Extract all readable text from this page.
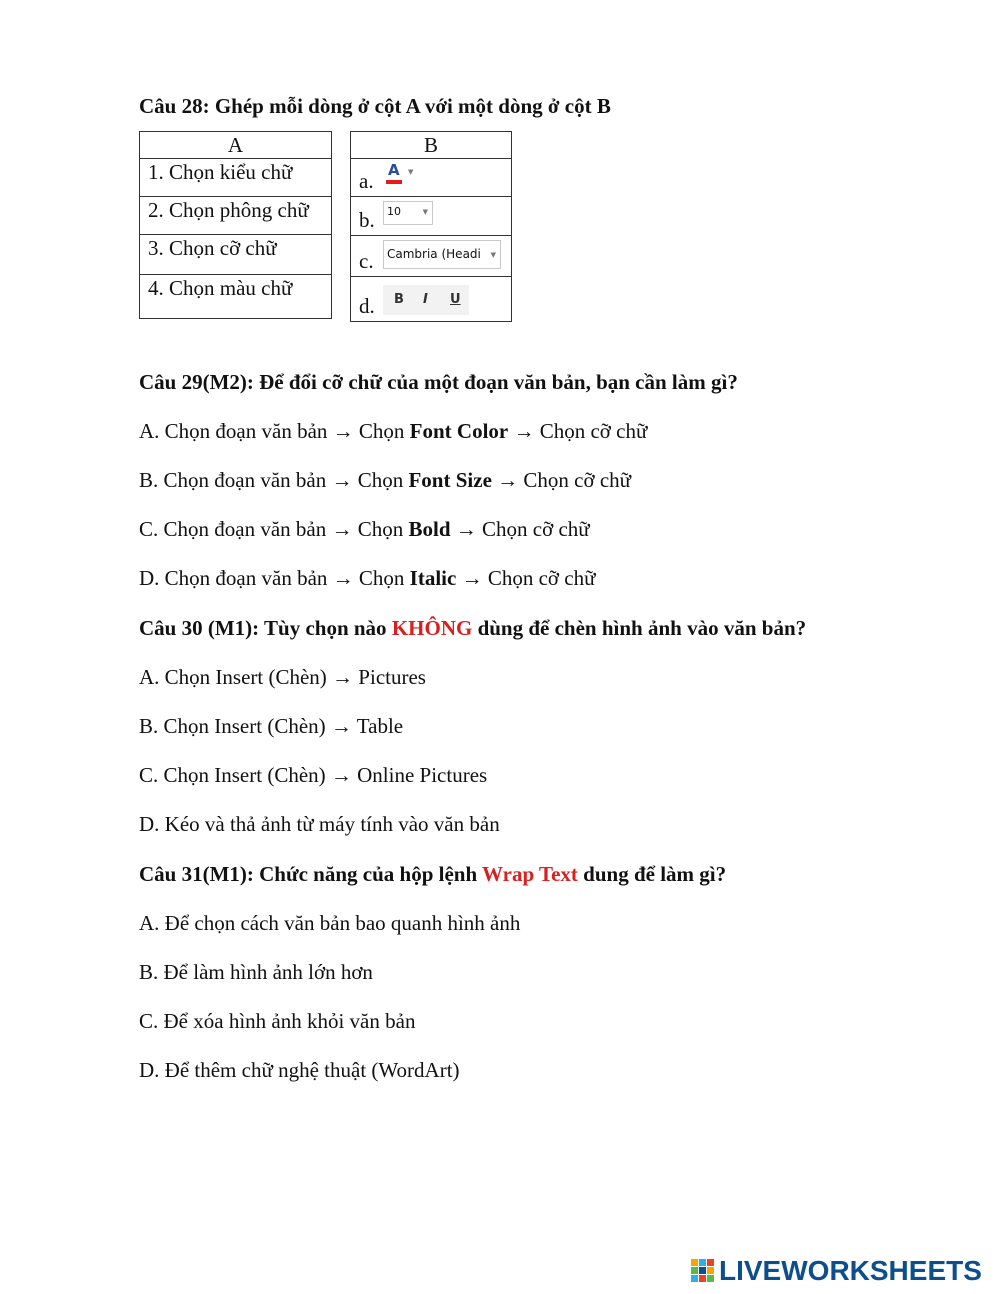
Câu 28: Ghép mỗi dòng ở cột A với một dòng ở cột B
A
1. Chọn kiểu chữ
2. Chọn phông chữ
3. Chọn cỡ chữ
4. Chọn màu chữ
B

a. A ▼

b. 10	▼

c. Cambria (Headi	▼

d. B I U
Câu 29(M2): Để đổi cỡ chữ của một đoạn văn bản, bạn cần làm gì?
A. Chọn đoạn văn bản → Chọn Font Color → Chọn cỡ chữ
B. Chọn đoạn văn bản → Chọn Font Size → Chọn cỡ chữ
C. Chọn đoạn văn bản → Chọn Bold → Chọn cỡ chữ
D. Chọn đoạn văn bản → Chọn Italic → Chọn cỡ chữ
Câu 30 (M1): Tùy chọn nào KHÔNG dùng để chèn hình ảnh vào văn bản?
A. Chọn Insert (Chèn) → Pictures
B. Chọn Insert (Chèn) → Table
C. Chọn Insert (Chèn) → Online Pictures
D. Kéo và thả ảnh từ máy tính vào văn bản
Câu 31(M1): Chức năng của hộp lệnh Wrap Text dung để làm gì?
A. Để chọn cách văn bản bao quanh hình ảnh
B. Để làm hình ảnh lớn hơn
C. Để xóa hình ảnh khỏi văn bản
D. Để thêm chữ nghệ thuật (WordArt)
LIVEWORKSHEETS
